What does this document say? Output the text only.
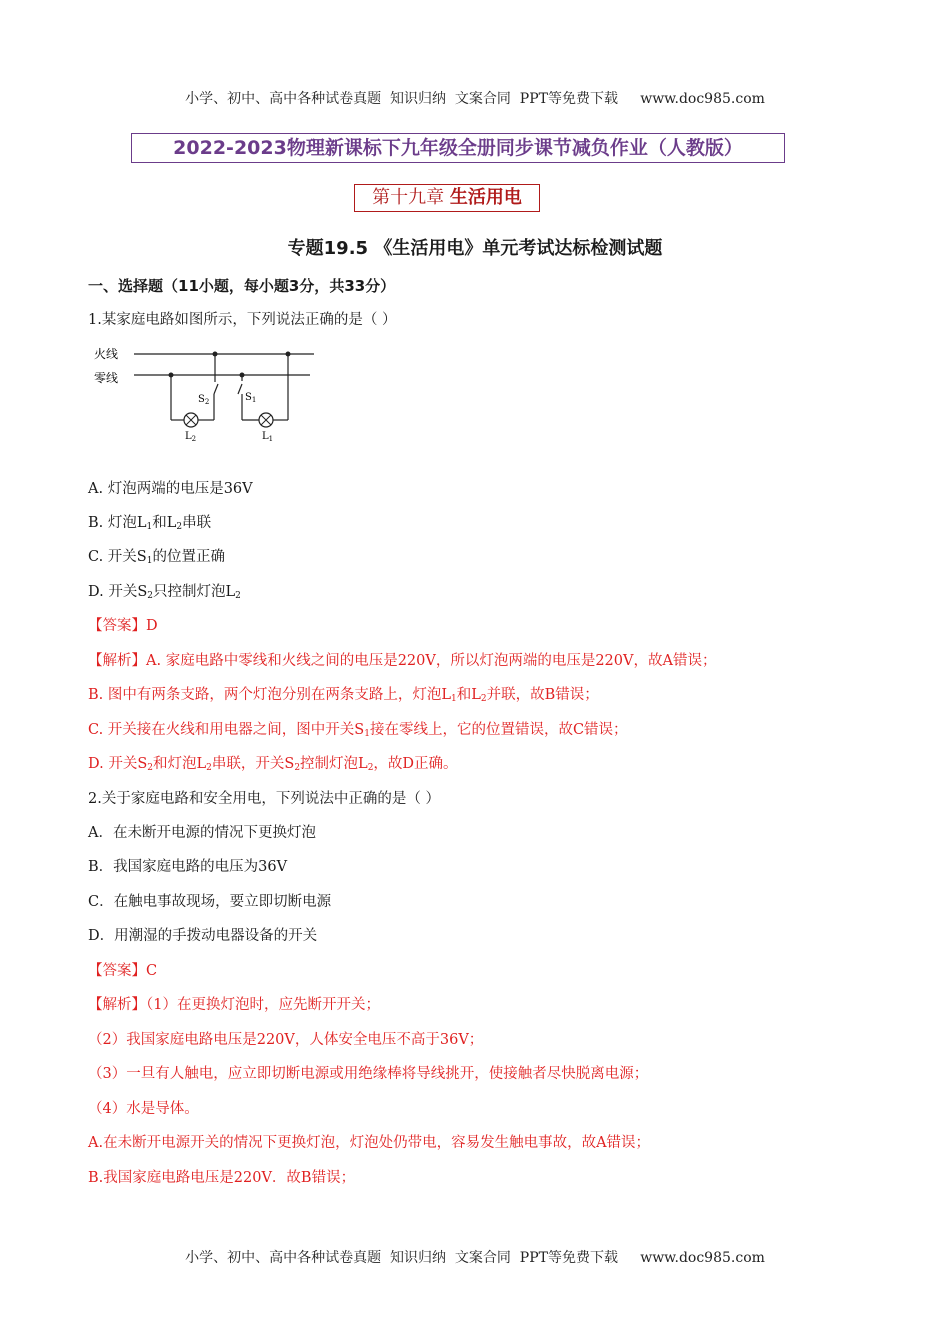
小学、初中、高中各种试卷真题  知识归纳  文案合同  PPT等免费下载     www.doc985.com
2022-2023物理新课标下九年级全册同步课节减负作业（人教版）
第十九章 生活用电
专题19.5 《生活用电》单元考试达标检测试题
一、选择题（11小题，每小题3分，共33分）
1.某家庭电路如图所示，下列说法正确的是（ ）
火线
零线
$S_2$
$L_2$
$S_1$
$L_1$
A. 灯泡两端的电压是36V
B. 灯泡$L_1$和$L_2$串联
C. 开关$S_1$的位置正确
D. 开关$S_2$只控制灯泡$L_2$
【答案】D
【解析】A. 家庭电路中零线和火线之间的电压是220V，所以灯泡两端的电压是220V，故A错误；
B. 图中有两条支路，两个灯泡分别在两条支路上，灯泡$L_1$和$L_2$并联，故B错误；
C. 开关接在火线和用电器之间，图中开关$S_1$接在零线上，它的位置错误，故C错误；
D. 开关$S_2$和灯泡$L_2$串联，开关$S_2$控制灯泡$L_2$，故D正确。
2.关于家庭电路和安全用电，下列说法中正确的是（ ）
A．在未断开电源的情况下更换灯泡
B．我国家庭电路的电压为36V
C．在触电事故现场，要立即切断电源
D．用潮湿的手拨动电器设备的开关
【答案】C
【解析】（1）在更换灯泡时，应先断开开关；
（2）我国家庭电路电压是220V，人体安全电压不高于36V；
（3）一旦有人触电，应立即切断电源或用绝缘棒将导线挑开，使接触者尽快脱离电源；
（4）水是导体。
A.在未断开电源开关的情况下更换灯泡，灯泡处仍带电，容易发生触电事故，故A错误；
B.我国家庭电路电压是220V．故B错误；
小学、初中、高中各种试卷真题  知识归纳  文案合同  PPT等免费下载     www.doc985.com
